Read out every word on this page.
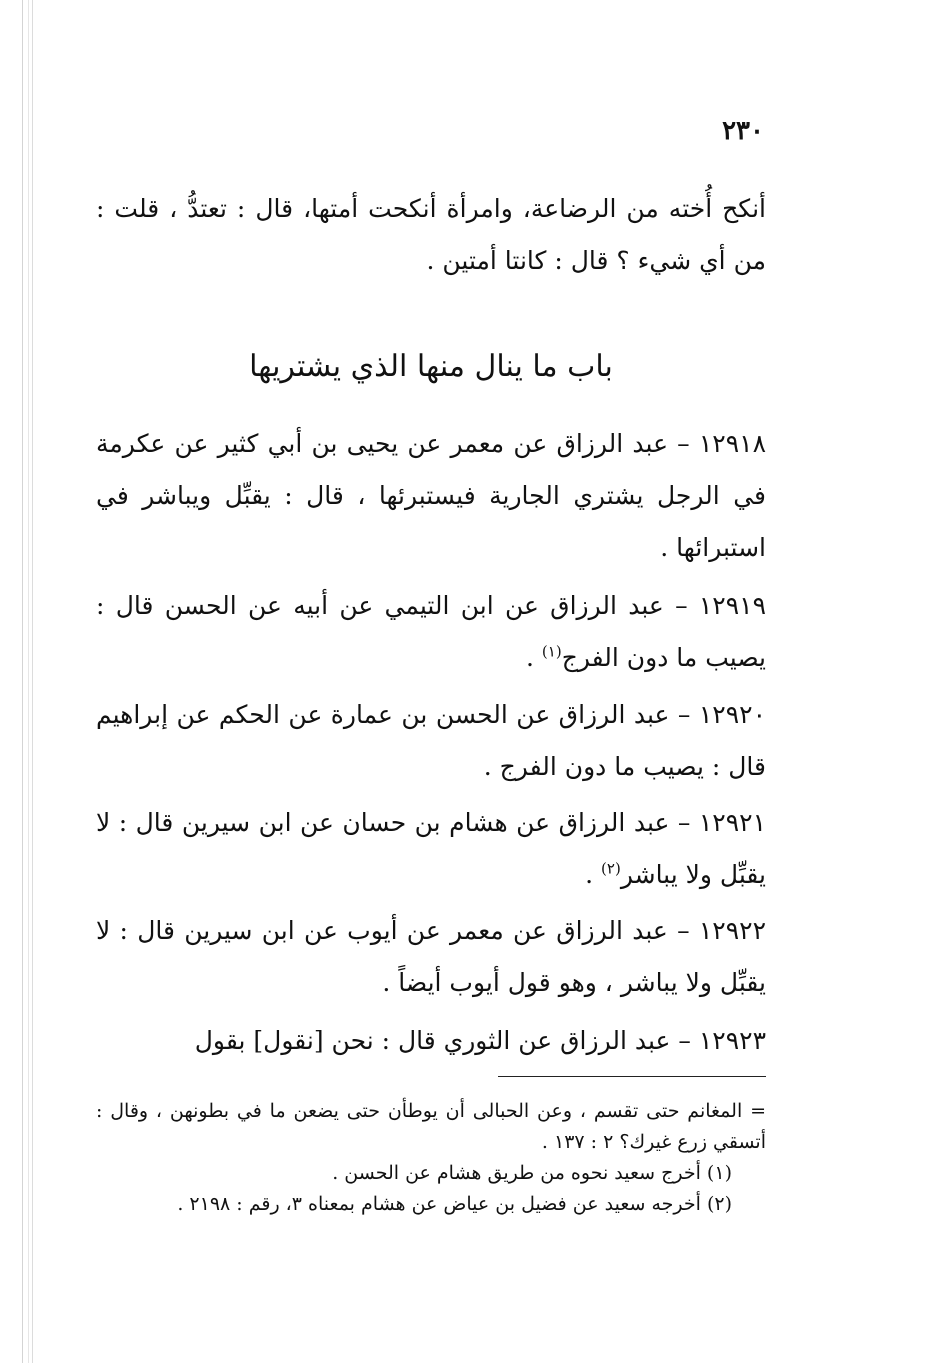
٢٣٠

أنكح أُخته من الرضاعة، وامرأة أنكحت أمتها، قال : تعتدُّ ، قلت : من أي شيء ؟ قال : كانتا أمتين .

باب ما ينال منها الذي يشتريها

١٢٩١٨ – عبد الرزاق عن معمر عن يحيى بن أبي كثير عن عكرمة في الرجل يشتري الجارية فيستبرئها ، قال : يقبِّل ويباشر في استبرائها .

١٢٩١٩ – عبد الرزاق عن ابن التيمي عن أبيه عن الحسن قال : يصيب ما دون الفرج$^{(١)}$ .

١٢٩٢٠ – عبد الرزاق عن الحسن بن عمارة عن الحكم عن إبراهيم قال : يصيب ما دون الفرج .

١٢٩٢١ – عبد الرزاق عن هشام بن حسان عن ابن سيرين قال : لا يقبِّل ولا يباشر$^{(٢)}$ .

١٢٩٢٢ – عبد الرزاق عن معمر عن أيوب عن ابن سيرين قال : لا يقبِّل ولا يباشر ، وهو قول أيوب أيضاً .

١٢٩٢٣ – عبد الرزاق عن الثوري قال : نحن [نقول] بقول

= المغانم حتى تقسم ، وعن الحبالى أن يوطأن حتى يضعن ما في بطونهن ، وقال : أتسقي زرع غيرك؟ ٢ : ١٣٧ .

(١) أخرج سعيد نحوه من طريق هشام عن الحسن .

(٢) أخرجه سعيد عن فضيل بن عياض عن هشام بمعناه ٣، رقم : ٢١٩٨ .
